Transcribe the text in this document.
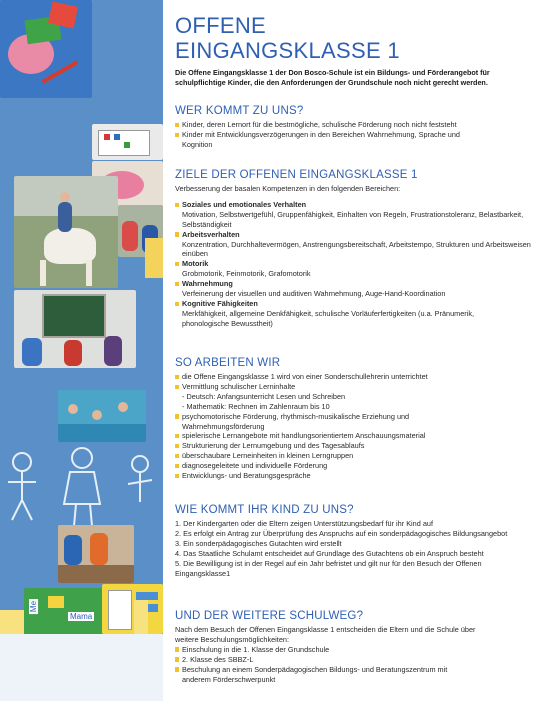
Me
Mama
OFFENE
EINGANGSKLASSE 1
Die Offene Eingangsklasse 1 der Don Bosco-Schule ist ein Bildungs- und Förderangebot für schulpflichtige Kinder, die den Anforderungen der Grundschule noch nicht gerecht werden.
WER KOMMT ZU UNS?
Kinder, deren Lernort für die bestmögliche, schulische Förderung noch nicht feststeht
Kinder mit Entwicklungsverzögerungen in den Bereichen Wahrnehmung, Sprache und Kognition
ZIELE DER OFFENEN EINGANGSKLASSE 1

Verbesserung der basalen Kompetenzen in den folgenden Bereichen:

Soziales und emotionales Verhalten
Motivation, Selbstwertgefühl, Gruppenfähigkeit, Einhalten von Regeln, Frustrationstoleranz, Belastbarkeit, Selbständigkeit
Arbeitsverhalten
Konzentration, Durchhaltevermögen, Anstrengungsbereitschaft, Arbeitstempo, Strukturen und Arbeitsweisen einüben
Motorik
Grobmotorik, Feinmotorik, Grafomotorik
Wahrnehmung
Verfeinerung der visuellen und auditiven Wahrnehmung, Auge-Hand-Koordination
Kognitive Fähigkeiten
Merkfähigkeit, allgemeine Denkfähigkeit, schulische Vorläuferfertigkeiten (u.a. Pränumerik, phonologische Bewusstheit)
SO ARBEITEN WIR
die Offene Eingangsklasse 1 wird von einer Sonderschullehrerin unterrichtet
Vermittlung schulischer Lerninhalte
- Deutsch: Anfangsunterricht Lesen und Schreiben
- Mathematik: Rechnen im Zahlenraum bis 10
psychomotorische Förderung, rhythmisch-musikalische Erziehung und Wahrnehmungsförderung
spielerische Lernangebote mit handlungsorientiertem Anschauungsmaterial
Strukturierung der Lernumgebung und des Tagesablaufs
überschaubare Lerneinheiten in kleinen Lerngruppen
diagnosegeleitete und individuelle Förderung
Entwicklungs- und Beratungsgespräche
WIE KOMMT IHR KIND ZU UNS?
1. Der Kindergarten oder die Eltern zeigen Unterstützungsbedarf für ihr Kind auf
2. Es erfolgt ein Antrag zur Überprüfung des Anspruchs auf ein sonderpädagogisches Bildungsangebot
3. Ein sonderpädagogisches Gutachten wird erstellt
4. Das Staatliche Schulamt entscheidet auf Grundlage des Gutachtens ob ein Anspruch besteht
5. Die Bewilligung ist in der Regel auf ein Jahr befristet und gilt nur für den Besuch der Offenen Eingangsklasse1
UND DER WEITERE SCHULWEG?

Nach dem Besuch der Offenen Eingangsklasse 1 entscheiden die Eltern und die Schule über weitere Beschulungsmöglichkeiten:

Einschulung in die 1. Klasse der Grundschule
2. Klasse des SBBZ-L
Beschulung an einem Sonderpädagogischen Bildungs- und Beratungszentrum mit anderem Förderschwerpunkt
